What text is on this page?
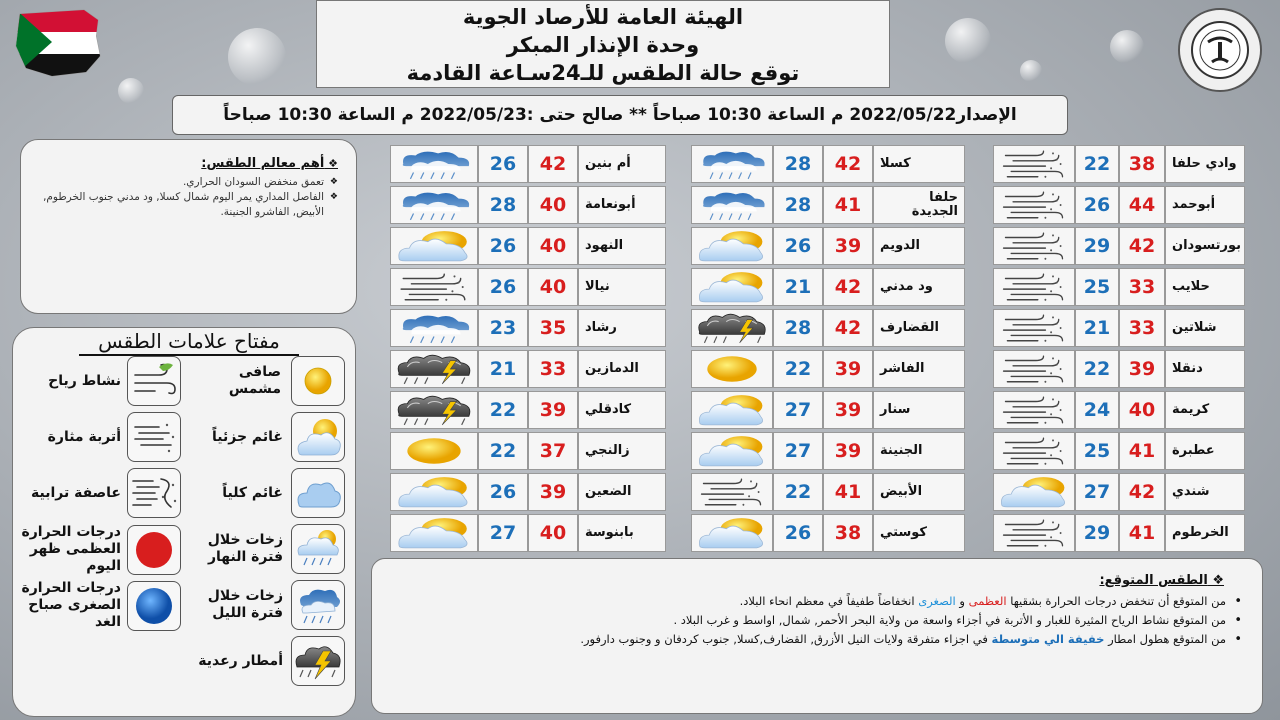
الهيئة العامة للأرصاد الجوية
وحدة الإنذار المبكر
توقع حالة الطقس للـ24سـاعة القادمة
الإصدار2022/05/22 م الساعة 10:30 صباحاً ** صالح حتى :2022/05/23 م الساعة 10:30 صباحاً
❖ أهم معالم الطقس:
❖ تعمق منخفض السودان الحراري.
❖ الفاصل المداري يمر اليوم شمال كسلا, ود مدني جنوب الخرطوم, الأبيض, الفاشرو الجنينة.
مفتاح علامات الطقس
صافى مشمس
غائم جزئياً
غائم كلياً
زخات خلال فترة النهار
زخات خلال فترة الليل
أمطار رعدية
نشاط رياح
أتربة مثارة
عاصفة ترابية
درجات الحرارة العظمى ظهر اليوم
درجات الحرارة الصغرى صباح الغد
وادي حلفا
38
22
أبوحمد
44
26
بورتسودان
42
29
حلايب
33
25
شلاتين
33
21
دنقلا
39
22
كريمة
40
24
عطبرة
41
25
شندي
42
27
الخرطوم
41
29
كسلا
42
28
حلفا الجديدة
41
28
الدويم
39
26
ود مدني
42
21
القضارف
42
28
الفاشر
39
22
سنار
39
27
الجنينة
39
27
الأبيض
41
22
كوستي
38
26
أم بنين
42
26
أبونعامة
40
28
النهود
40
26
نيالا
40
26
رشاد
35
23
الدمازين
33
21
كادقلي
39
22
زالنجي
37
22
الضعين
39
26
بابنوسة
40
27
❖ الطقس المتوقع:
• من المتوقع أن تنخفض درجات الحرارة بشقيها العظمى و الصغرى انخفاضاً طفيفاً في معظم انحاء البلاد.
• من المتوقع نشاط الرياح المثيرة للغبار و الأتربة في أجزاء واسعة من ولاية البحر الأحمر, شمال, اواسط و غرب البلاد .
• من المتوقع هطول امطار خفيفة الي متوسطة في اجزاء متفرقة ولايات النيل الأزرق, القضارف,كسلا, جنوب كردفان و وجنوب دارفور.
